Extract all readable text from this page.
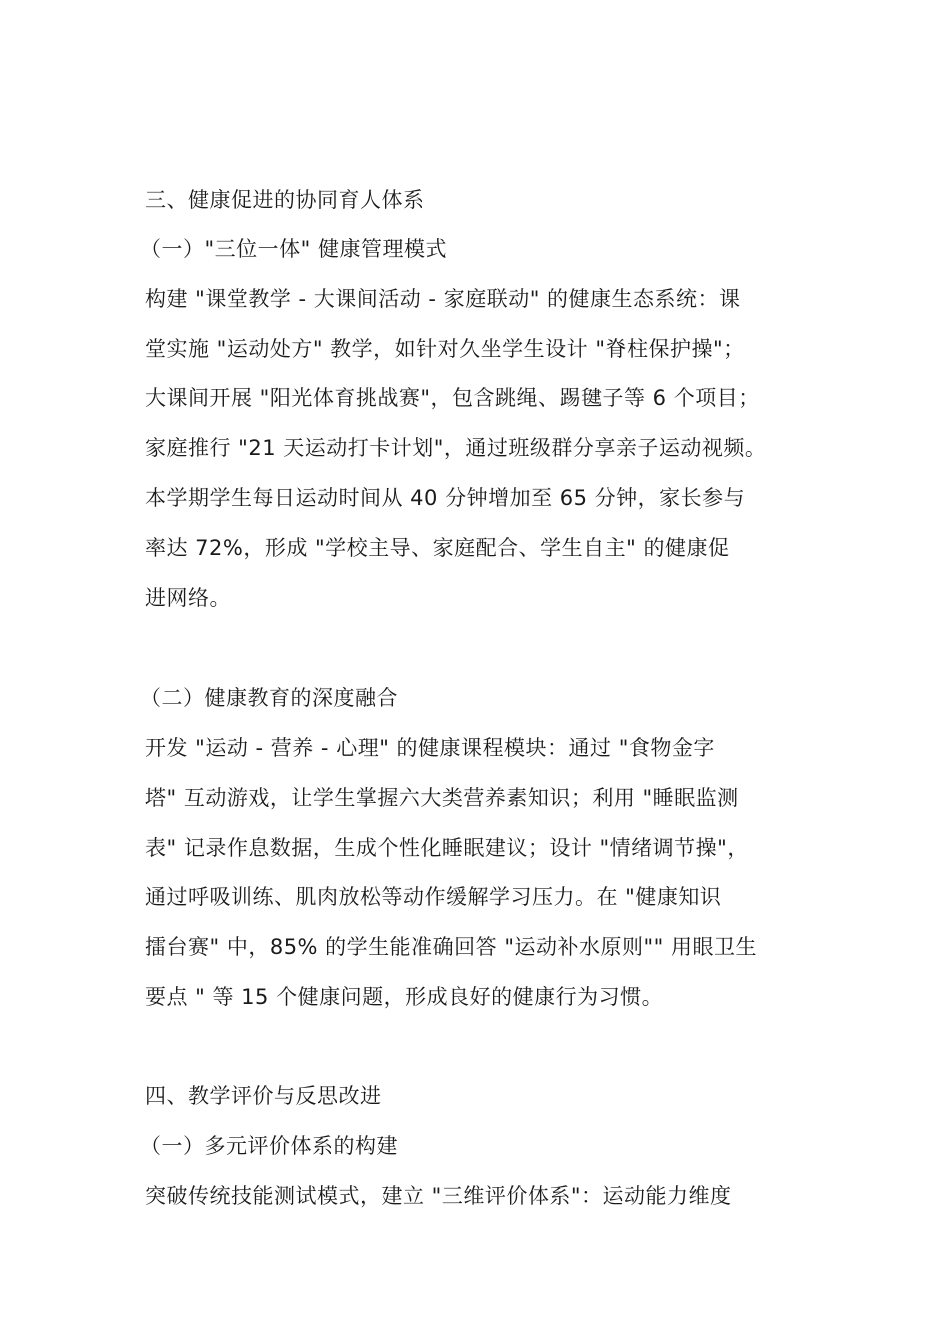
三、健康促进的协同育人体系
（一）"三位一体" 健康管理模式
构建 "课堂教学 - 大课间活动 - 家庭联动" 的健康生态系统：课
堂实施 "运动处方" 教学，如针对久坐学生设计 "脊柱保护操"；
大课间开展 "阳光体育挑战赛"，包含跳绳、踢毽子等 6 个项目；
家庭推行 "21 天运动打卡计划"，通过班级群分享亲子运动视频。
本学期学生每日运动时间从 40 分钟增加至 65 分钟，家长参与
率达 72%，形成 "学校主导、家庭配合、学生自主" 的健康促
进网络。
（二）健康教育的深度融合
开发 "运动 - 营养 - 心理" 的健康课程模块：通过 "食物金字
塔" 互动游戏，让学生掌握六大类营养素知识；利用 "睡眠监测
表" 记录作息数据，生成个性化睡眠建议；设计 "情绪调节操"，
通过呼吸训练、肌肉放松等动作缓解学习压力。在 "健康知识
擂台赛" 中，85% 的学生能准确回答 "运动补水原则"" 用眼卫生
要点 " 等 15 个健康问题，形成良好的健康行为习惯。
四、教学评价与反思改进
（一）多元评价体系的构建
突破传统技能测试模式，建立 "三维评价体系"：运动能力维度
